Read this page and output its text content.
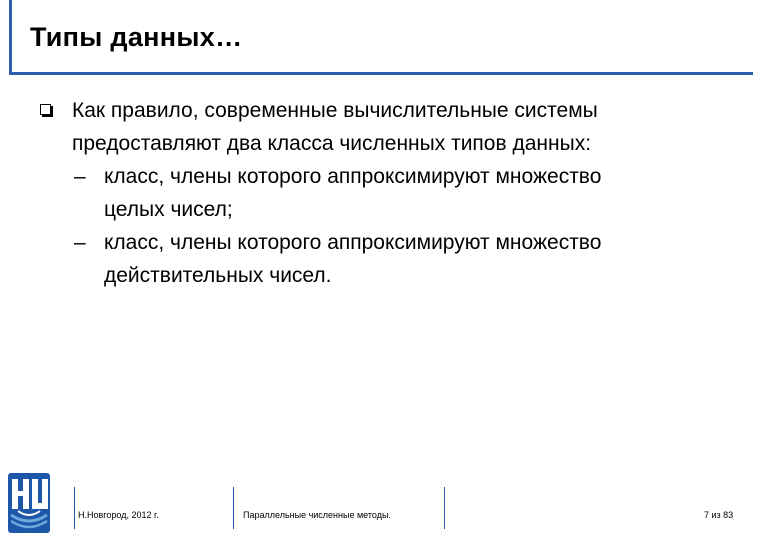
Типы данных…
Как правило, современные вычислительные системы
предоставляют два класса численных типов данных:
– класс, члены которого аппроксимируют множество
целых чисел;
– класс, члены которого аппроксимируют множество
действительных чисел.
Н.Новгород, 2012 г.	Параллельные численные методы.	7 из 83
